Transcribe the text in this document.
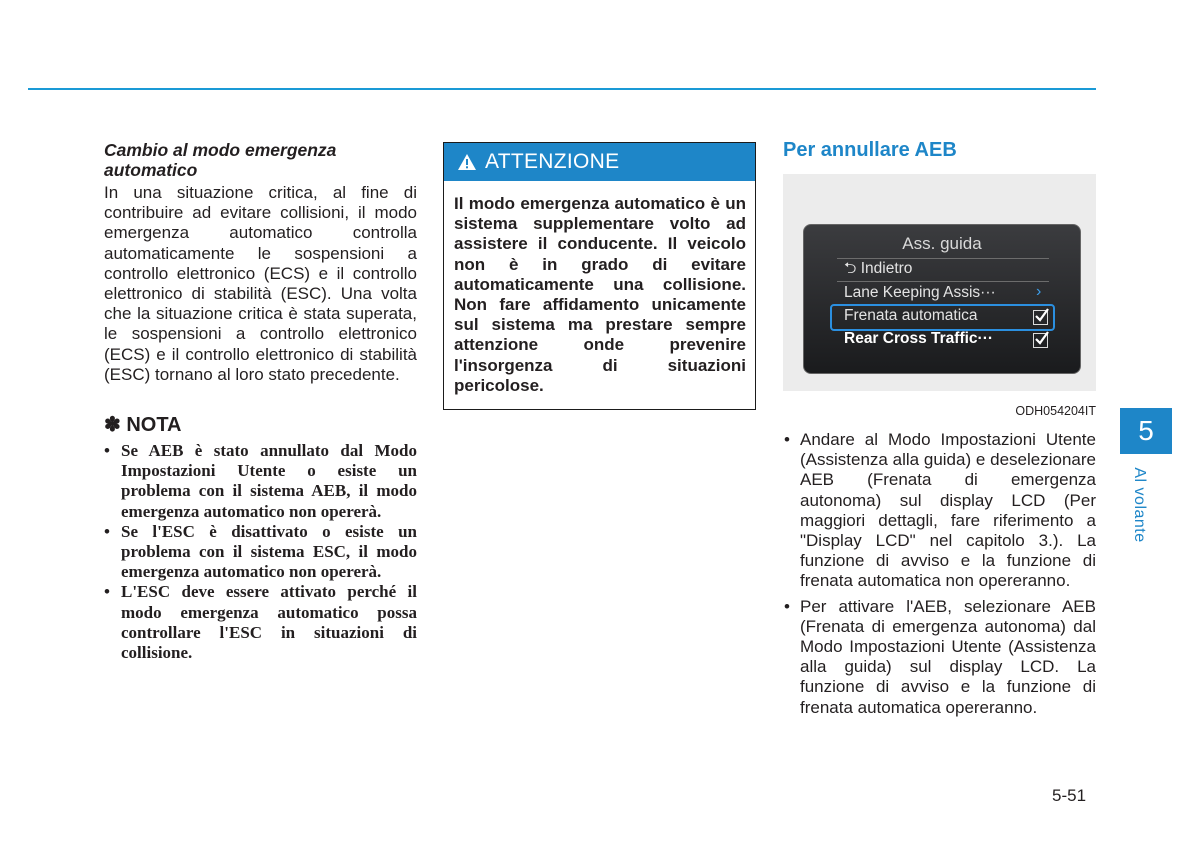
Cambio al modo emergenza automatico

In una situazione critica, al fine di contribuire ad evitare collisioni, il modo emergenza automatico controlla automaticamente le sospensioni a controllo elettronico (ECS) e il controllo elettronico di stabilità (ESC). Una volta che la situazione critica è stata superata, le sospensioni a controllo elettronico (ECS) e il controllo elettronico di stabilità (ESC) tornano al loro stato precedente.

✽ NOTA
• Se AEB è stato annullato dal Modo Impostazioni Utente o esiste un problema con il sistema AEB, il modo emergenza automatico non opererà.
• Se l'ESC è disattivato o esiste un problema con il sistema ESC, il modo emergenza automatico non opererà.
• L'ESC deve essere attivato perché il modo emergenza automatico possa controllare l'ESC in situazioni di collisione.
ATTENZIONE
Il modo emergenza automatico è un sistema supplementare volto ad assistere il conducente. Il veicolo non è in grado di evitare automaticamente una collisione. Non fare affidamento unicamente sul sistema ma prestare sempre attenzione onde prevenire l'insorgenza di situazioni pericolose.

Per annullare AEB

Ass. guida
⮌ Indietro
Lane Keeping Assis···	›
Frenata automatica
Rear Cross Traffic···
ODH054204IT
• Andare al Modo Impostazioni Utente (Assistenza alla guida) e deselezionare AEB (Frenata di emergenza autonoma) sul display LCD (Per maggiori dettagli, fare riferimento a "Display LCD" nel capitolo 3.). La funzione di avviso e la funzione di frenata automatica non opereranno.
• Per attivare l'AEB, selezionare AEB (Frenata di emergenza autonoma) dal Modo Impostazioni Utente (Assistenza alla guida) sul display LCD. La funzione di avviso e la funzione di frenata automatica opereranno.
5
Al volante
5-51
